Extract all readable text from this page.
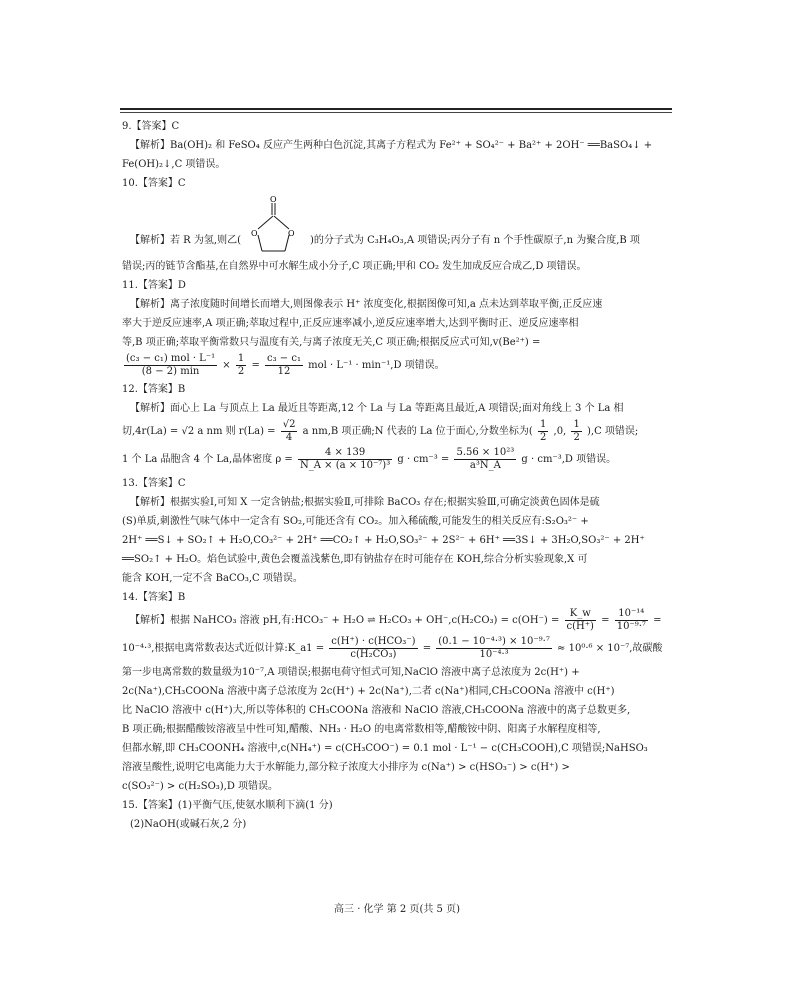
9.【答案】C

【解析】Ba(OH)₂ 和 FeSO₄ 反应产生两种白色沉淀,其离子方程式为 Fe²⁺ + SO₄²⁻ + Ba²⁺ + 2OH⁻ ══BaSO₄↓ +

Fe(OH)₂↓,C 项错误。

10.【答案】C

【解析】若 R 为氢,则乙(
O
O	O
)的分子式为 C₃H₄O₃,A 项错误;丙分子有 n 个手性碳原子,n 为聚合度,B 项

错误;丙的链节含酯基,在自然界中可水解生成小分子,C 项正确;甲和 CO₂ 发生加成反应合成乙,D 项错误。

11.【答案】D

【解析】离子浓度随时间增长而增大,则图像表示 H⁺ 浓度变化,根据图像可知,a 点未达到萃取平衡,正反应速

率大于逆反应速率,A 项正确;萃取过程中,正反应速率减小,逆反应速率增大,达到平衡时正、逆反应速率相

等,B 项正确;萃取平衡常数只与温度有关,与离子浓度无关,C 项正确;根据反应式可知,v(Be²⁺) =

$\frac{\text{(c₃ − c₁) mol · L⁻¹}}{(8 - 2) \min} \times \frac{1}{2} = \frac{\text{c₃ − c₁}}{12}$ mol · L⁻¹ · min⁻¹,D 项错误。

12.【答案】B

【解析】面心上 La 与顶点上 La 最近且等距离,12 个 La 与 La 等距离且最近,A 项错误;面对角线上 3 个 La 相

切,4r(La) = √2 a nm 则 $r(La) = \frac{√2}{4}$ a nm,B 项正确;N 代表的 La 位于面心,分数坐标为( $\frac{1}{2} ,0$, $\frac{1}{2} ),C$ 项错误;

1 个 La 晶胞含 4 个 La,晶体密度 $\rho = \frac{4 \times 139}{\text{N\_A × (a × 10⁻⁷)³}}$ $g \cdot cm^{-3} = \frac{\text{5.56 × 10²³}}{\text{a³N\_A}}$ g · cm⁻³,D 项错误。

13.【答案】C

【解析】根据实验Ⅰ,可知 X 一定含钠盐;根据实验Ⅱ,可排除 BaCO₃ 存在;根据实验Ⅲ,可确定淡黄色固体是硫

(S)单质,刺激性气味气体中一定含有 SO₂,可能还含有 CO₂。加入稀硫酸,可能发生的相关反应有:S₂O₃²⁻ +

2H⁺ ══S↓ + SO₂↑ + H₂O,CO₃²⁻ + 2H⁺ ══CO₂↑ + H₂O,SO₃²⁻ + 2S²⁻ + 6H⁺ ══3S↓ + 3H₂O,SO₃²⁻ + 2H⁺

══SO₂↑ + H₂O。焰色试验中,黄色会覆盖浅紫色,即有钠盐存在时可能存在 KOH,综合分析实验现象,X 可

能含 KOH,一定不含 BaCO₃,C 项错误。

14.【答案】B

【解析】根据 NaHCO₃ 溶液 pH,有:HCO₃⁻ + H₂O ⇌ $H_2CO_3 + OH^-,c(H_2CO_3) = c(OH^-) = \frac{K\_w}{c(H^+)} = \frac{\text{10⁻¹⁴}}{\text{10⁻⁹·⁷}}$ =

10⁻⁴·³,根据电离常数表达式近似计算:K_a1 = $\frac{\text{c(H⁺) · c(HCO₃⁻)}}{\text{c(H₂CO₃)}} = \frac{\text{(0.1 − 10⁻⁴·³) × 10⁻⁹·⁷}}{\text{10⁻⁴·³}} \approx 10^0\cdot^6 \times 10^{-7}$,故碳酸

第一步电离常数的数量级为10⁻⁷,A 项错误;根据电荷守恒式可知,NaClO 溶液中离子总浓度为 2c(H⁺) +

2c(Na⁺),CH₃COONa 溶液中离子总浓度为 2c(H⁺) + 2c(Na⁺),二者 c(Na⁺)相同,CH₃COONa 溶液中 c(H⁺)

比 NaClO 溶液中 c(H⁺)大,所以等体积的 CH₃COONa 溶液和 NaClO 溶液,CH₃COONa 溶液中的离子总数更多,

B 项正确;根据醋酸铵溶液呈中性可知,醋酸、NH₃ · H₂O 的电离常数相等,醋酸铵中阴、阳离子水解程度相等,

但都水解,即 CH₃COONH₄ 溶液中,c(NH₄⁺) = c(CH₃COO⁻) = 0.1 mol · L⁻¹ − c(CH₃COOH),C 项错误;NaHSO₃

溶液呈酸性,说明它电离能力大于水解能力,部分粒子浓度大小排序为 c(Na⁺) > c(HSO₃⁻) > c(H⁺) >

c(SO₃²⁻) > c(H₂SO₃),D 项错误。

15.【答案】(1)平衡气压,使氨水顺利下滴(1 分)

(2)NaOH(或碱石灰,2 分)

高三 · 化学 第 2 页(共 5 页)
